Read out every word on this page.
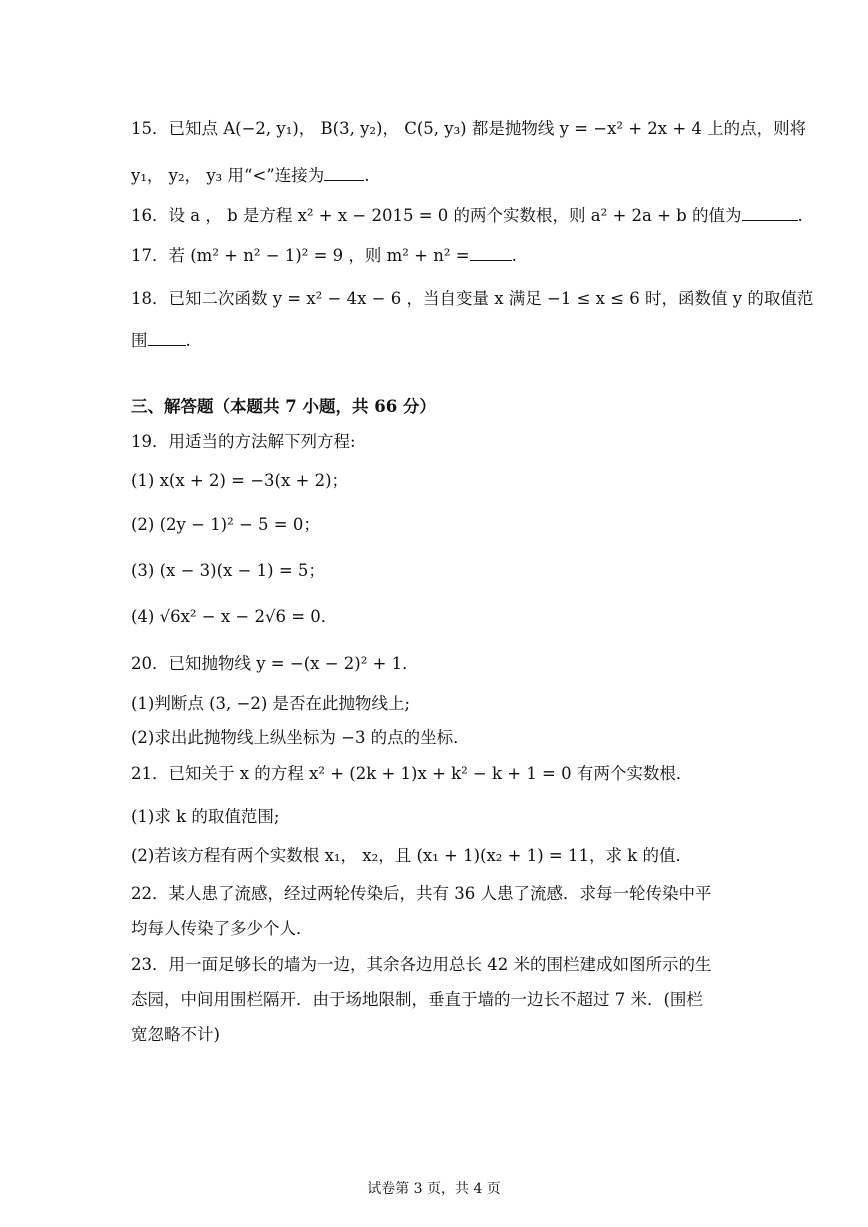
15．已知点 A(−2, y₁)， B(3, y₂)， C(5, y₃) 都是抛物线 y = −x² + 2x + 4 上的点，则将
y₁， y₂， y₃ 用“<”连接为 .
16．设 a ， b 是方程 x² + x − 2015 = 0 的两个实数根，则 a² + 2a + b 的值为	.
17．若 (m² + n² − 1)² = 9 ，则 m² + n² =	.
18．已知二次函数 y = x² − 4x − 6 ，当自变量 x 满足 −1 ≤ x ≤ 6 时，函数值 y 的取值范
围 .
三、解答题（本题共 7 小题，共 66 分）
19．用适当的方法解下列方程:
(1) x(x + 2) = −3(x + 2)；
(2) (2y − 1)² − 5 = 0；
(3) (x − 3)(x − 1) = 5；
(4) √6x² − x − 2√6 = 0．
20．已知抛物线 y = −(x − 2)² + 1．
(1)判断点 (3, −2) 是否在此抛物线上;
(2)求出此抛物线上纵坐标为 −3 的点的坐标．
21．已知关于 x 的方程 x² + (2k + 1)x + k² − k + 1 = 0 有两个实数根．
(1)求 k 的取值范围;
(2)若该方程有两个实数根 x₁， x₂，且 (x₁ + 1)(x₂ + 1) = 11，求 k 的值．
22．某人患了流感，经过两轮传染后，共有 36 人患了流感．求每一轮传染中平
均每人传染了多少个人．
23．用一面足够长的墙为一边，其余各边用总长 42 米的围栏建成如图所示的生
态园，中间用围栏隔开．由于场地限制，垂直于墙的一边长不超过 7 米．(围栏
宽忽略不计)
试卷第 3 页，共 4 页
